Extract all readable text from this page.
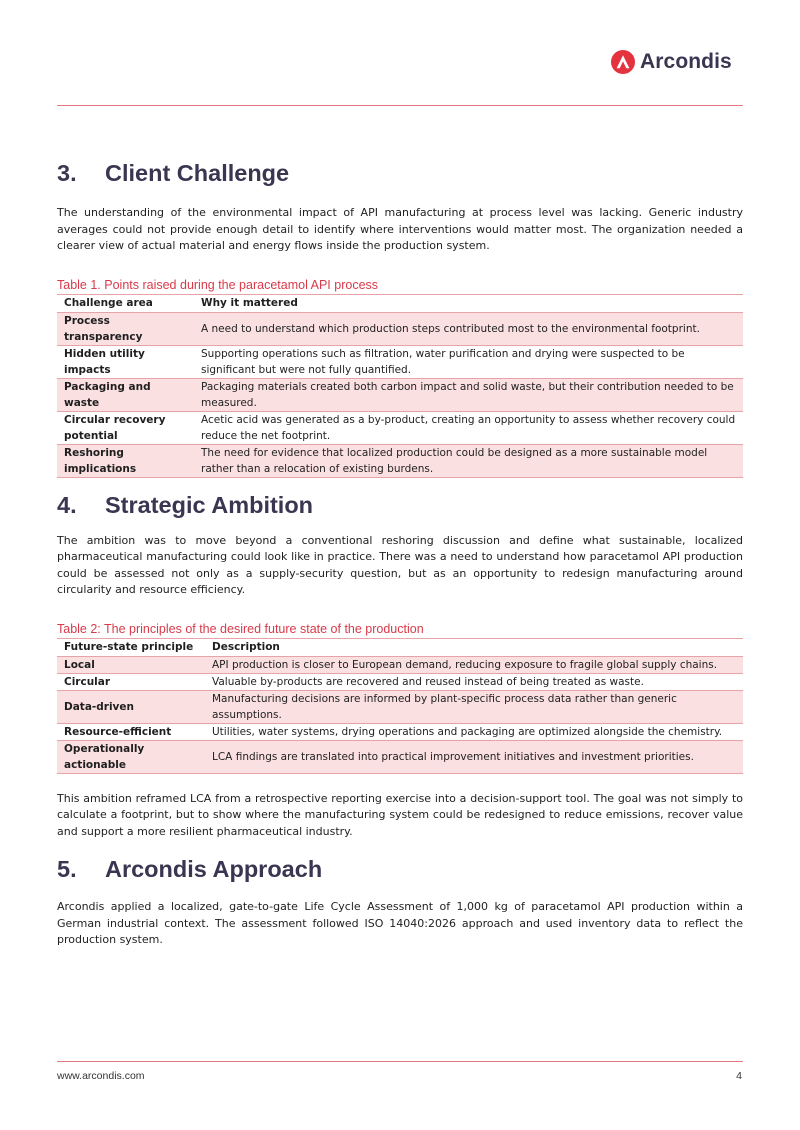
Arcondis
3.	Client Challenge

The understanding of the environmental impact of API manufacturing at process level was lacking. Generic industry averages could not provide enough detail to identify where interventions would matter most. The organization needed a clearer view of actual material and energy flows inside the production system.

Table 1. Points raised during the paracetamol API process
Challenge area	Why it mattered
Process transparency	A need to understand which production steps contributed most to the environmental footprint.
Hidden utility impacts	Supporting operations such as filtration, water purification and drying were suspected to be significant but were not fully quantified.
Packaging and waste	Packaging materials created both carbon impact and solid waste, but their contribution needed to be measured.
Circular recovery potential	Acetic acid was generated as a by-product, creating an opportunity to assess whether recovery could reduce the net footprint.
Reshoring implications	The need for evidence that localized production could be designed as a more sustainable model rather than a relocation of existing burdens.
4.	Strategic Ambition

The ambition was to move beyond a conventional reshoring discussion and define what sustainable, localized pharmaceutical manufacturing could look like in practice. There was a need to understand how paracetamol API production could be assessed not only as a supply-security question, but as an opportunity to redesign manufacturing around circularity and resource efficiency.

Table 2: The principles of the desired future state of the production
Future-state principle	Description
Local	API production is closer to European demand, reducing exposure to fragile global supply chains.
Circular	Valuable by-products are recovered and reused instead of being treated as waste.
Data-driven	Manufacturing decisions are informed by plant-specific process data rather than generic assumptions.
Resource-efficient	Utilities, water systems, drying operations and packaging are optimized alongside the chemistry.
Operationally actionable	LCA findings are translated into practical improvement initiatives and investment priorities.

This ambition reframed LCA from a retrospective reporting exercise into a decision-support tool. The goal was not simply to calculate a footprint, but to show where the manufacturing system could be redesigned to reduce emissions, recover value and support a more resilient pharmaceutical industry.

5.	Arcondis Approach

Arcondis applied a localized, gate-to-gate Life Cycle Assessment of 1,000 kg of paracetamol API production within a German industrial context. The assessment followed ISO 14040:2026 approach and used inventory data to reflect the production system.

www.arcondis.com	4
